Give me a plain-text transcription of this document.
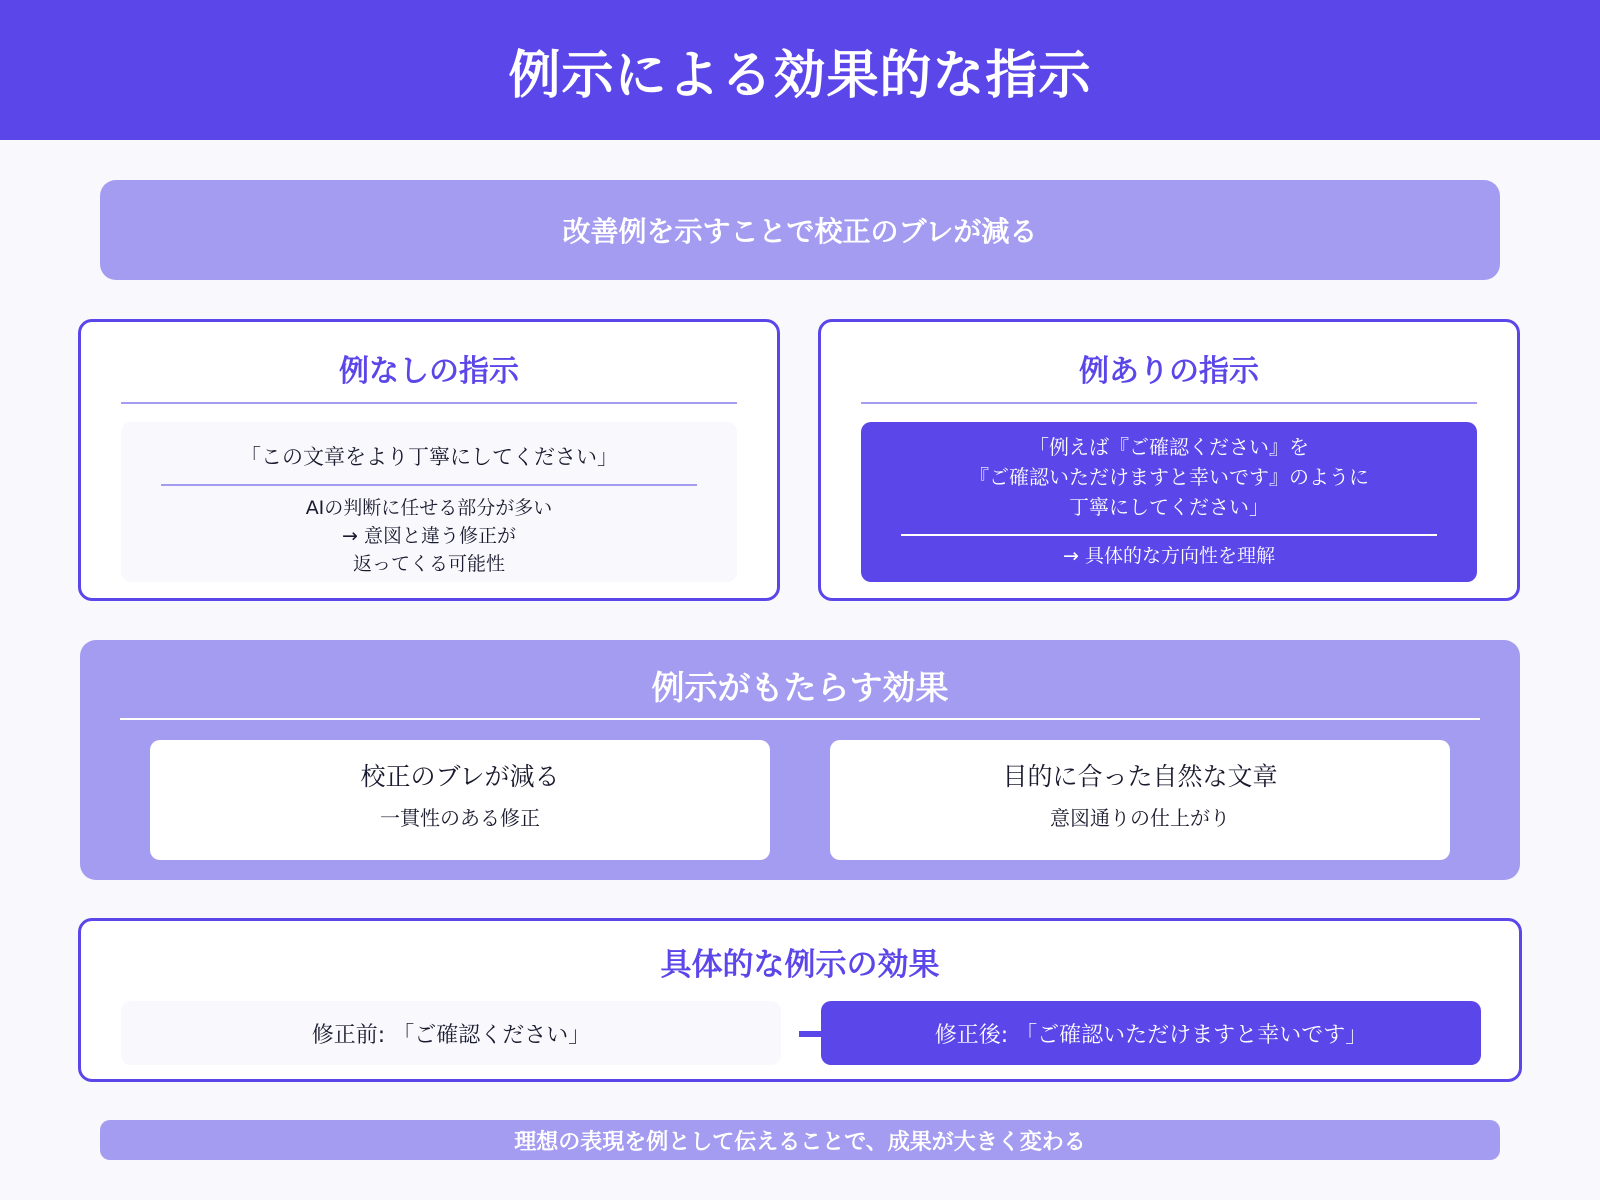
例示による効果的な指示
改善例を示すことで校正のブレが減る
例なしの指示
「この文章をより丁寧にしてください」
AIの判断に任せる部分が多い
→ 意図と違う修正が
返ってくる可能性
例ありの指示
「例えば『ご確認ください』を
『ご確認いただけますと幸いです』のように
丁寧にしてください」
→ 具体的な方向性を理解
例示がもたらす効果
校正のブレが減る
一貫性のある修正
目的に合った自然な文章
意図通りの仕上がり
具体的な例示の効果
修正前: 「ご確認ください」	修正後: 「ご確認いただけますと幸いです」
理想の表現を例として伝えることで、成果が大きく変わる
